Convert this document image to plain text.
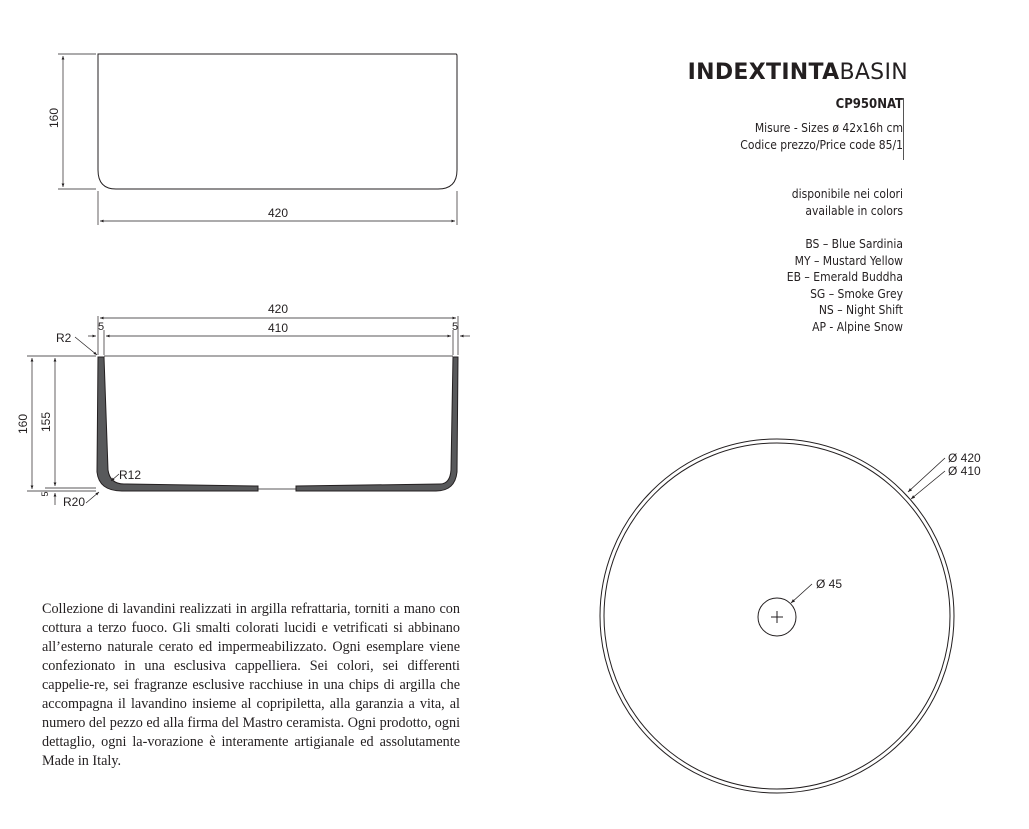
INDEXTINTABASIN
CP950NAT
Misure - Sizes ø 42x16h cm
Codice prezzo/Price code 85/1
disponibile nei colori
available in colors
BS – Blue Sardinia
MY – Mustard Yellow
EB – Emerald Buddha
SG – Smoke Grey
NS – Night Shift
AP - Alpine Snow
160
420
420
410
5	5
R2
R12
R20
160 155
5
Ø 420
Ø 410
Ø 45

Collezione di lavandini realizzati in argilla refrattaria, torniti a mano con cottura a terzo fuoco. Gli smalti colorati lucidi e vetrificati si abbinano all’esterno naturale cerato ed impermeabilizzato. Ogni esemplare viene confezionato in una esclusiva cappelliera. Sei colori, sei differenti cappelie-re, sei fragranze esclusive racchiuse in una chips di argilla che accompagna il lavandino insieme al copripiletta, alla garanzia a vita, al numero del pezzo ed alla firma del Mastro ceramista. Ogni prodotto, ogni dettaglio, ogni la-vorazione è interamente artigianale ed assolutamente Made in Italy.
